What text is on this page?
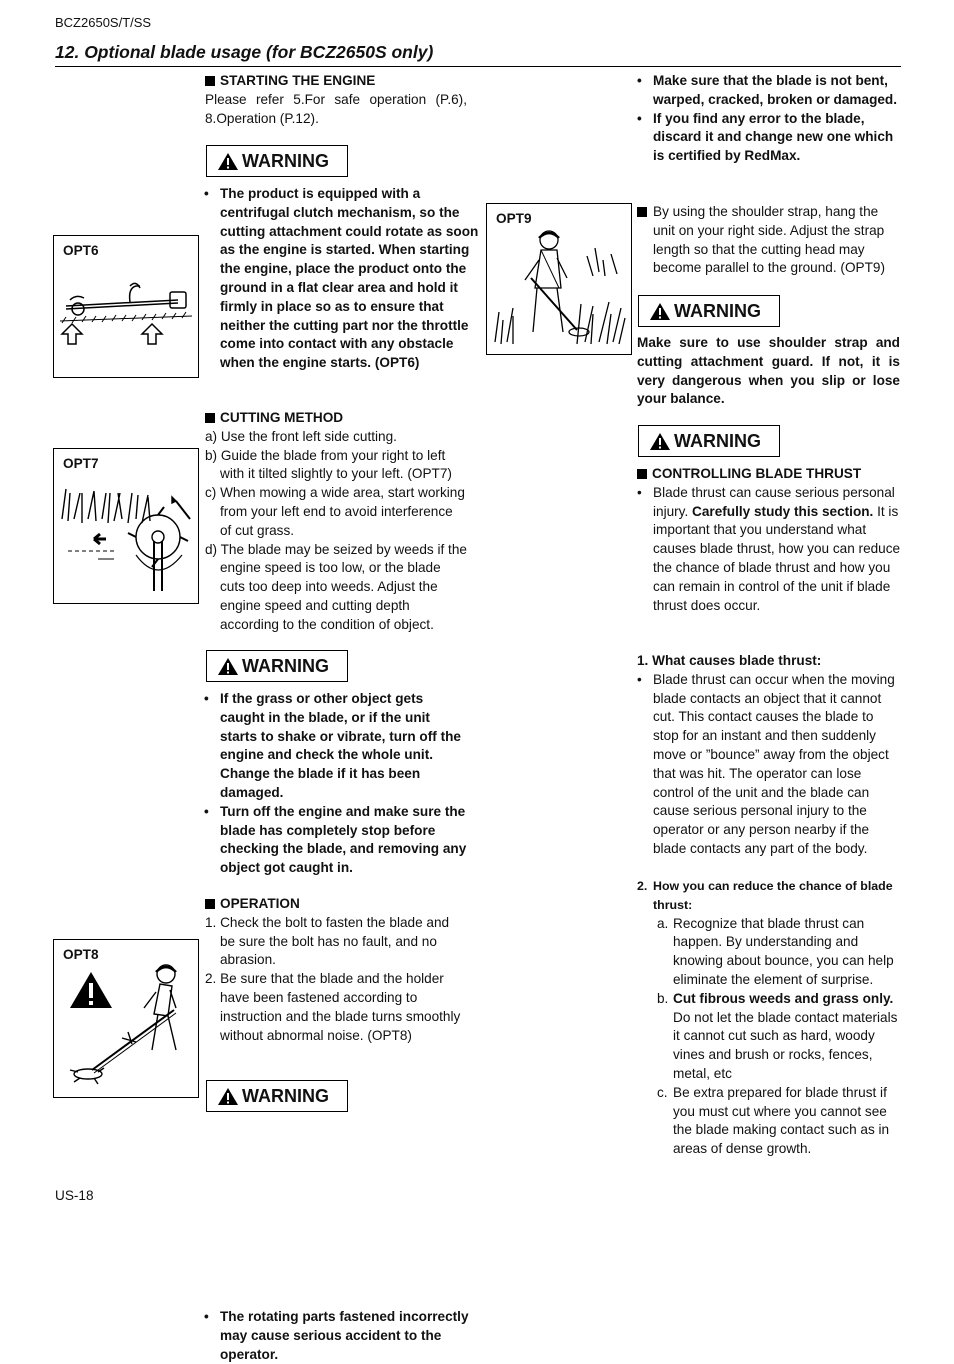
BCZ2650S/T/SS
12. Optional blade usage (for BCZ2650S only)
STARTING THE ENGINE

Please refer 5.For safe operation (P.6), 8.Operation (P.12).

WARNING
• The product is equipped with a centrifugal clutch mechanism, so the cutting attachment could rotate as soon as the engine is started. When starting the engine, place the product onto the ground in a flat clear area and hold it firmly in place so as to ensure that neither the cutting part nor the throttle come into contact with any obstacle when the engine starts. (OPT6)
CUTTING METHOD

a) Use the front left side cutting.

b) Guide the blade from your right to left with it tilted slightly to your left. (OPT7)

c) When mowing a wide area, start working from your left end to avoid interference of cut grass.

d) The blade may be seized by weeds if the engine speed is too low, or the blade cuts too deep into weeds. Adjust the engine speed and cutting depth according to the condition of object.

WARNING
• If the grass or other object gets caught in the blade, or if the unit starts to shake or vibrate, turn off the engine and check the whole unit. Change the blade if it has been damaged.
• Turn off the engine and make sure the blade has completely stop before checking the blade, and removing any object got caught in.
OPERATION

1. Check the bolt to fasten the blade and be sure the bolt has no fault, and no abrasion.

2. Be sure that the blade and the holder have been fastened according to instruction and the blade turns smoothly without abnormal noise. (OPT8)

WARNING
• The rotating parts fastened incorrectly may cause serious accident to the operator.
OPT6
OPT7
OPT8
OPT9
• Make sure that the blade is not bent, warped, cracked, broken or damaged.
• If you find any error to the blade, discard it and change new one which is certified by RedMax.
By using the shoulder strap, hang the unit on your right side. Adjust the strap length so that the cutting head may become parallel to the ground. (OPT9)
WARNING
Make sure to use shoulder strap and cutting attachment guard. If not, it is very dangerous when you slip or lose your balance.
WARNING
CONTROLLING BLADE THRUST
• Blade thrust can cause serious personal injury. Carefully study this section. It is important that you understand what causes blade thrust, how you can reduce the chance of blade thrust and how you can remain in control of the unit if blade thrust does occur.
1. What causes blade thrust:
• Blade thrust can occur when the moving blade contacts an object that it cannot cut. This contact causes the blade to stop for an instant and then suddenly move or ”bounce” away from the object that was hit. The operator can lose control of the unit and the blade can cause serious personal injury to the operator or any person nearby if the blade contacts any part of the body.
2. How you can reduce the chance of blade thrust:
a. Recognize that blade thrust can happen. By understanding and knowing about bounce, you can help eliminate the element of surprise.
b. Cut fibrous weeds and grass only. Do not let the blade contact materials it cannot cut such as hard, woody vines and brush or rocks, fences, metal, etc
c. Be extra prepared for blade thrust if you must cut where you cannot see the blade making contact such as in areas of dense growth.
US-18
